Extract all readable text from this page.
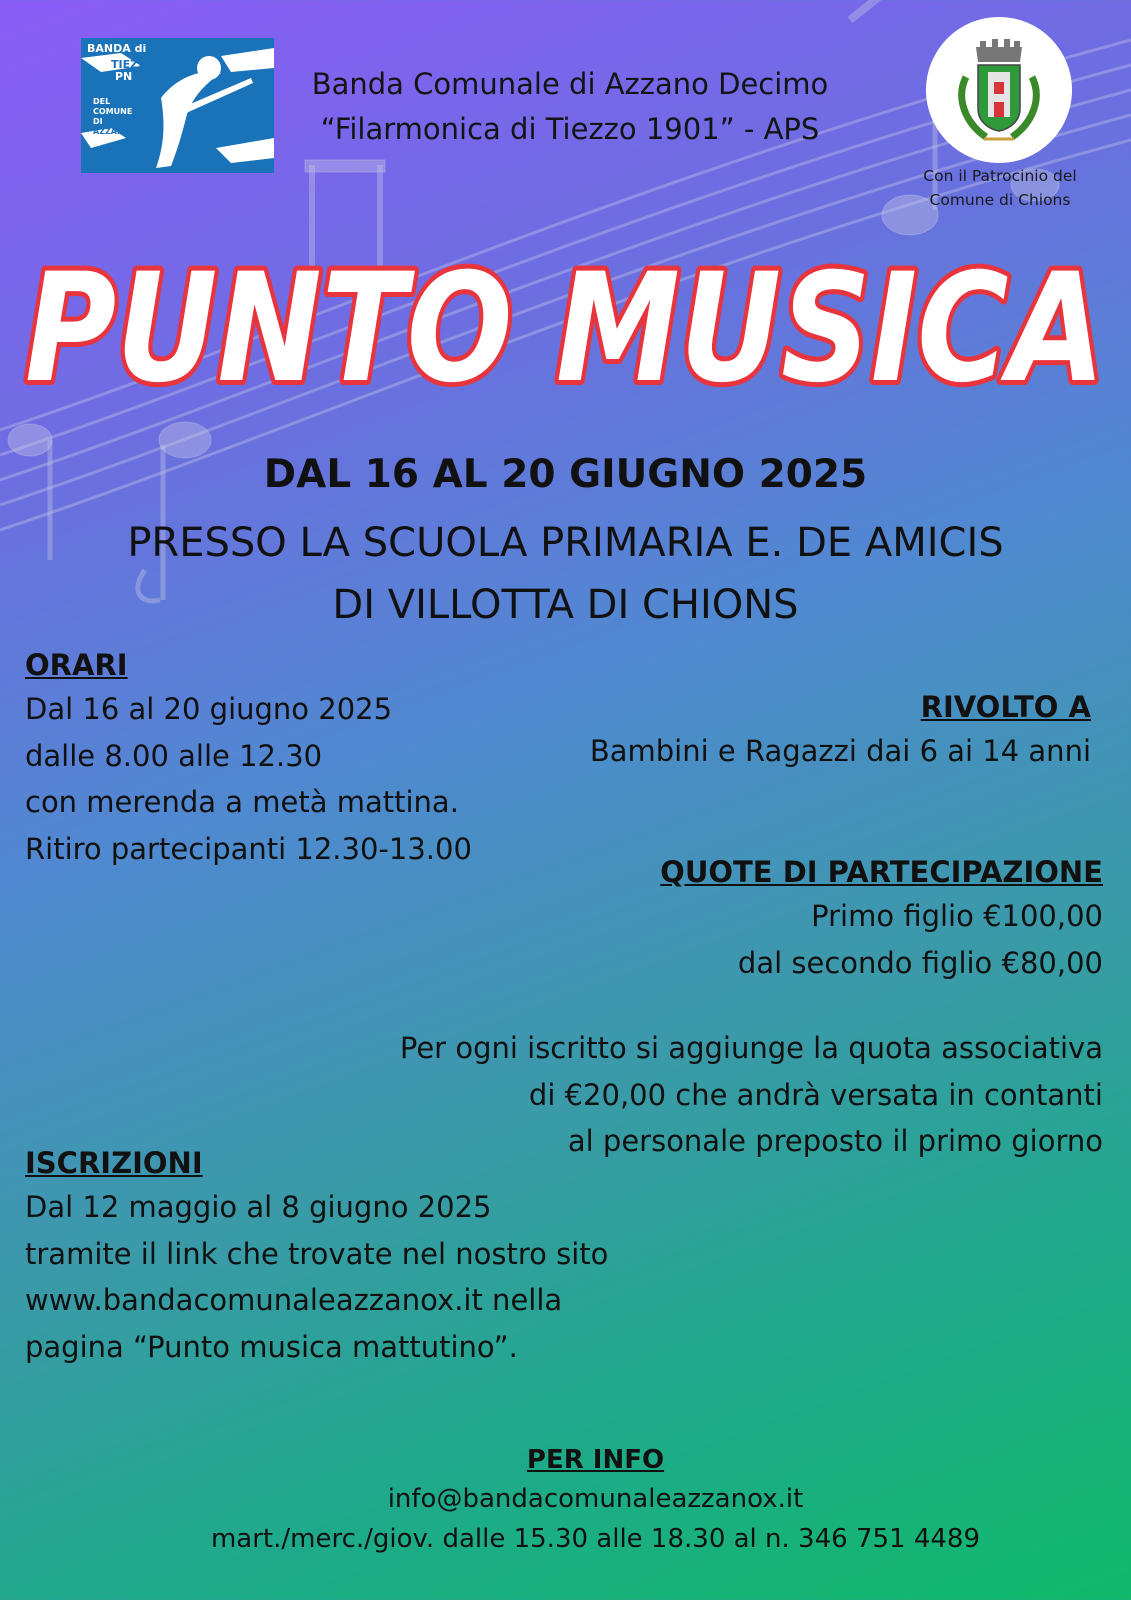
BANDA di
TIEZZO
PN
DEL
COMUNE
DI
AZZANO
X
Banda Comunale di Azzano Decimo
“Filarmonica di Tiezzo 1901” - APS
Con il Patrocinio del
Comune di Chions
PUNTO MUSICA
DAL 16 AL 20 GIUGNO 2025
PRESSO LA SCUOLA PRIMARIA E. DE AMICIS
DI VILLOTTA DI CHIONS
ORARI
Dal 16 al 20 giugno 2025
dalle 8.00 alle 12.30
con merenda a metà mattina.
Ritiro partecipanti 12.30-13.00
RIVOLTO A
Bambini e Ragazzi dai 6 ai 14 anni
QUOTE DI PARTECIPAZIONE
Primo figlio €100,00
dal secondo figlio €80,00
Per ogni iscritto si aggiunge la quota associativa
di €20,00 che andrà versata in contanti
al personale preposto il primo giorno
ISCRIZIONI
Dal 12 maggio al 8 giugno 2025
tramite il link che trovate nel nostro sito
www.bandacomunaleazzanox.it nella
pagina “Punto musica mattutino”.
PER INFO
info@bandacomunaleazzanox.it
mart./merc./giov. dalle 15.30 alle 18.30 al n. 346 751 4489
